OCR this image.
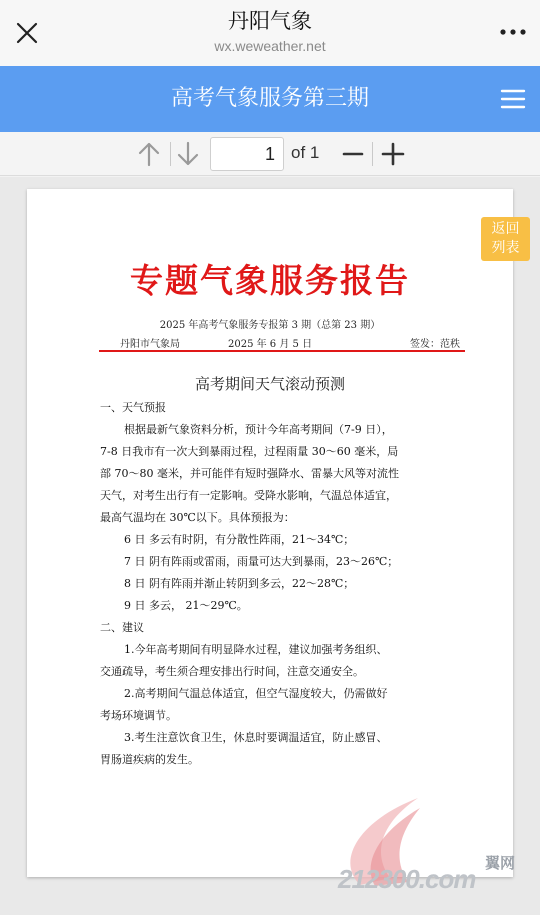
丹阳气象
wx.weweather.net
高考气象服务第三期
1
of 1
专题气象服务报告
2025 年高考气象服务专报第 3 期（总第 23 期）
丹阳市气象局	2025 年 6 月 5 日	签发：范秩
高考期间天气滚动预测
一、天气预报
根据最新气象资料分析，预计今年高考期间（7-9 日），
7-8 日我市有一次大到暴雨过程，过程雨量 30～60 毫米，局
部 70～80 毫米，并可能伴有短时强降水、雷暴大风等对流性
天气，对考生出行有一定影响。受降水影响，气温总体适宜，
最高气温均在 30℃以下。具体预报为：
6 日 多云有时阴，有分散性阵雨，21～34℃；
7 日 阴有阵雨或雷雨，雨量可达大到暴雨，23～26℃；
8 日 阴有阵雨并渐止转阴到多云，22～28℃；
9 日 多云， 21～29℃。
二、建议
1.今年高考期间有明显降水过程，建议加强考务组织、
交通疏导，考生须合理安排出行时间，注意交通安全。
2.高考期间气温总体适宜，但空气湿度较大，仍需做好
考场环境调节。
3.考生注意饮食卫生，休息时要调温适宜，防止感冒、
胃肠道疾病的发生。
返回
列表
翼网
212300.com
